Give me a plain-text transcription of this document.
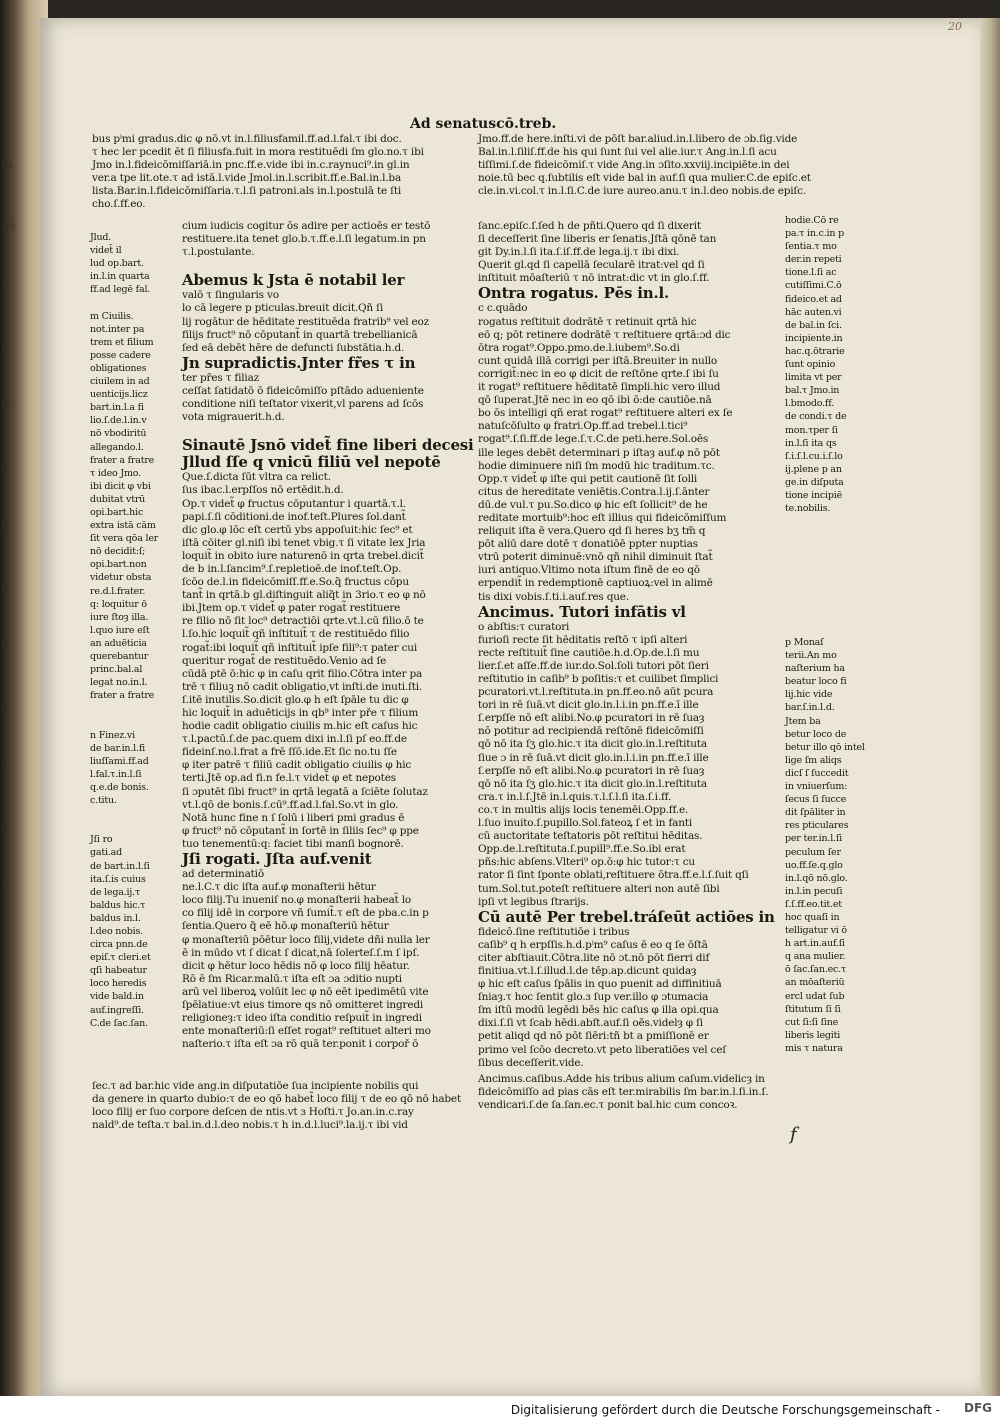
nb
ere
a
ñ
ic
ti
j
p
i
ſ
o
e
d
20
Ad senatuscō.treb.

bus pⁱmi gradus.dic φ nō.vt in.l.filiusfamil.ff.ad.l.fal.τ ibi doc.

τ hec ler pcedit ēt ſi filiusfa.fuit in mora restituēdi ſm glo.no.τ ibi

Jmo in.l.fideicōmiſſariā.in pnc.ff.e.vide ibi in.c.raynuci⁹.in gl.in

ver.a tpe lit.ote.τ ad istā.l.vide Jmol.in.l.scribit.ff.e.Bal.in.l.ba

lista.Bar.in.l.fideicōmiſſaria.τ.l.ſi patroni.als in.l.postulā te ſti

cho.ſ.ff.eo.

Jlud.

videt̃ il

lud op.bart.

in.l.in quarta

ff.ad legē fal.

m Ciuilis.

not.inter pa

trem et filium

posse cadere

obligationes

ciuilem in ad

uenticijs.licz

bart.in.l.a fi

lio.ſ.de.l.in.v

nō vbodiritū

allegando.l.

frater a fratre

τ ideo Jmo.

ibi dicit φ vbi

dubitat vtrū

opi.bart.hic

extra istā cām

ſit vera qōa ler

nō decidit:ſ;

opi.bart.non

videtur obsta

re.d.l.frater.

q: loquitur ō

iure ſtoȝ illa.

l.quo iure eſt

an aduēticia

querebantur

princ.bal.al

legat no.in.l.

frater a fratre

n Finez.vi

de bar.in.l.fi

liuſſami.ff.ad

l.fal.τ.in.l.ſi

q.e.de bonis.

c.titu.

Jſi ro

gati.ad

de bart.in.l.ſi

ita.ſ.is cuius

de lega.ij.τ

baldus hic.τ

baldus in.l.

l.deo nobis.

circa pnn.de

epiſ.τ cleri.et

qſi habeatur

loco heredis

vide bald.in

auf.ingreſſi.

C.de ſac.ſan.

cium iudicis cogitur ōs adire per actioēs er testō

restituere.ita tenet glo.b.τ.ff.e.l.ſi legatum.in pn

τ.l.postulante.

Abemus k Jsta ē notabil ler

valō τ ſingularis vo

lo cā legere p pticulas.breuit dicit.Qñ ſi

lij rogātur de hēditate restituēda fratrib⁹ vel eoz

filijs fruct⁹ nō cōputant̃ in quartā trebellianicā

ſed eā debēt hēre de defuncti ſubstātia.h.d.

Jn supradictis.Jnter fr̃es τ in

ter pr̃es τ filiaz

ceſſat ſatidatō ō fideicōmiſſo pſtādo adueniente

conditione niſi teſtator vixerit,vl parens ad ſcōs

vota migrauerit.h.d.

Sinautē Jsnō videt̃ fine liberi decesi

Jllud ſſe q vnicū filiū vel nepotē

Que.ſ.dicta ſūt vltra ca relict.

ſus ibac.l.erpſſos nō ertēdit.h.d.

Op.τ videt̃ φ fructus cōputantur i quartā.τ.l.

papi.ſ.ſi cōditioni.de inof.teſt.Plures ſol.dant̃

dic glo.φ lōc eſt certū ybs appoſuit:hic ſec⁹ et

iſtā cōiter gl.niſi ibi tenet vbig.τ ſi vitate lex Jria

loquit̃ in obito iure naturenō in qrta trebel.dicit̃

de b in.l.ſancim⁹.ſ.repletioē.de inof.teſt.Op.

ſcōo de.l.in fideicōmiſſ.ff.e.So.q̃ fructus cōpu

tant̃ in qrtā.b gl.diſtinguit aliq̃t in 3rio.τ eo φ nō

ibi.Jtem op.τ videt̃ φ pater rogat̃ restituere

re filio nō ſit loc⁹ detractiōi qrte.vt.l.cū filio.ō te

l.ſo.hic loquit̃ qñ inſtituit̃ τ de restituēdo filio

rogat̃:ibi loquit̃ qñ inſtituit̃ ipſe fili⁹:τ pater cui

queritur rogat̃ de restituēdo.Venio ad ſe

cūdā ptē ō:hic φ in caſu qrit filio.Cōtra inter pa

trē τ filiuꝫ nō cadit obligatio,vt inſti.de inuti.ſti.

ſ.itē inutilis.So.dicit glo.φ h eſt ſpāle tu dic φ

hic loquit̃ in aduēticijs in qb⁹ inter pře τ filium

hodie cadit obligatio ciuilis m.hic eſt caſus hic

τ.l.pactū.ſ.de pac.quem dixi in.l.ſi pſ eo.ff.de

fideinſ.no.l.frat a frē ſſō.ide.Et ſic no.tu ſſe

φ iter patrē τ filiū cadit obligatio ciuilis φ hic

terti.Jtē op.ad fi.n fe.l.τ videt̃ φ et nepotes

ſi ɔputēt ſibi fruct⁹ in qrtā legatā a ſciēte ſolutaz

vt.l.qō de bonis.ſ.cū⁹.ff.ad.l.fal.So.vt in glo.

Notā hunc fine n ſ ſolū i liberi pmi gradus ē

φ fruct⁹ nō cōputant̃ in ſortē in ſiliis ſec⁹ φ ppe

tuo tenementū:q: faciet tibi manſi bognorē.

Jſi rogati. Jſta auf.venit

ad determinatiō

ne.l.C.τ dic iſta auf.φ monaſterii hētur

loco filij.Tu inueniſ no.φ monaſterii habeat̃ lo

co filij idē in corpore vñ ſumit̃.τ eſt de pba.c.in p

ſentia.Quero q̃ eē hō.φ monaſteriū hētur

φ monaſteriū pōētur loco filij,videte dñi nulla ler

ē in mūdo vt ſ dicat ſ dicat,nā ſolerteſ.ſ.m ſ ipſ.

dicit φ hētur loco hēdis nō φ loco filij hēatur.

Rō ē ſm Ricar.malū.τ iſta eſt ɔa ɔditio nupti

arū vel liberoꝝ volūit lec φ nō eēt ipedimētū vite

ſpēlatiue:vt eius timore qs nō omitteret ingredi

religioneȝ:τ ideo iſta conditio reſpuit̃ in ingredi

ente monaſteriū:ſi eſſet rogat⁹ reſtituet alteri mo

naſterio.τ iſta eſt ɔa rō quā ter.ponit i corpoř ō

ſec.τ ad bar.hic vide ang.in diſputatiōe ſua incipiente nobilis qui

da genere in quarto dubio:τ de eo qō habet̃ loco filij τ de eo qō nō habet

loco filij er ſuo corpore deſcen de ntis.vt ɜ Hoſti.τ Jo.an.in.c.ray

nald⁹.de teſta.τ bal.in.d.l.deo nobis.τ h in.d.l.luci⁹.la.ij.τ ibi vid

Jmo.ff.de here.inſti.vi de pōſt bar.aliud.in.l.libero de ɔb.ſig.vide

Bal.in.l.ſiliſ.ff.de his qui ſunt ſui vel alie.iur.τ Ang.in.l.ſi acu

tiſſimi.ſ.de fideicōmiſ.τ vide Ang.in ɔſito.xxviij.incipiēte.in dei

noie.tū bec q.ſubtilis eſt vide bal in auf.ſi qua mulier.C.de epiſc.et

cle.in.vi.col.τ in.l.ſi.C.de iure aureo.anu.τ in.l.deo nobis.de epiſc.

ſanc.epiſc.ſ.ſed h de pñti.Quero qd ſi dixerit

ſi deceſſerit ſine liberis er ſenatis.Jſtā qōnē tan

git Dy.in.l.ſi ita.ſ.iſ.ff.de lega.ij.τ ibi dixi.

Querit gl.qd ſi capellā ſecularē itrat:vel qd ſi

inſtituit mōaſteriū τ nō intrat:dic vt in glo.ſ.ff.

Ontra rogatus. Pēs in.l.

c c.quādo

rogatus reſtituit dodrātē τ retinuit qrtā hic

eō q; pōt retinere dodrātē τ reſtituere qrtā:ɔd dic

ōtra rogat⁹.Oppo.pmo.de.l.iubem⁹.So.di

cunt quidā illā corrigi per iſtā.Breuiter in nullo

corrigit̃:nec in eo φ dicit de reſtōne qrte.ſ ibi ſu

it rogat⁹ reſtituere hēditatē ſimpli.hic vero illud

qō ſuperat.Jtē nec in eo qō ibi ō:de cautiōe.nā

bo ōs intelligi qñ erat rogat⁹ reſtituere alteri ex ſe

natuſcōſulto φ fratri.Op.ff.ad trebel.l.tici⁹

rogat⁹.ſ.ſi.ff.de lege.ſ.τ.C.de peti.here.Sol.oēs

ille leges debēt determinari p iſtaȝ auf.φ nō pōt

hodie diminuere niſi ſm modū hic traditum.τc.

Opp.τ videt̃ φ iſte qui petit cautionē ſit ſolli

citus de hereditate veniētis.Contra.l.ij.ſ.ānter

dū.de vul.τ pu.So.dico φ hic eſt ſollicit⁹ de he

reditate mortuib⁹:hoc eſt illius qui fideicōmiſſum

reliquit iſta ē vera.Quero qd ſi heres bʒ tm̃ q

pōt aliū dare dotē τ donatiōē ppter nuptias

vtrū poterit diminuē:vnō qñ nihil diminuit ſtat̃

iuri antiquo.Vltimo nota iſtum finē de eo qō

erpendit̃ in redemptionē captiuoꝝ:vel in alimē

tis dixi vobis.ſ.ti.i.auf.res que.

Ancimus. Tutori infātis vl

o abſtis:τ curatori

furioſi recte ſit hēditatis reſtō τ ipſi alteri

recte reſtituit̃ ſine cautiōe.h.d.Op.de.l.ſi mu

lier.ſ.et aſſe.ff.de iur.do.Sol.ſoli tutori pōt ſieri

reſtitutio in caſib⁹ b poſitis:τ et cuilibet ſimplici

pcuratori.vt.l.reſtituta.in pn.ff.eo.nō aūt pcura

tori in rē ſuā.vt dicit glo.in.l.i.in pn.ff.e.ī ille

ſ.erpſſe nō eſt alibi.No.φ pcuratori in rē ſuaȝ

nō potitur ad recipiendā reſtōnē fideicōmiſſi

qō nō ita ſʒ glo.hic.τ ita dicit glo.in.l.reſtituta

ſiue ɔ in rē ſuā.vt dicit glo.in.l.i.in pn.ff.e.ī ille

ſ.erpſſe nō eſt alibi.No.φ pcuratori in rē ſuaȝ

qō nō ita ſʒ glo.hic.τ ita dicit glo.in.l.reſtituta

cra.τ in.l.ſ.Jtē in.l.quis.τ.l.ſ.l.ſi ita.ſ.i.ff.

co.τ in multis alijs locis tenemēi.Opp.ff.e.

l.ſuo inuito.ſ.pupillo.Sol.fateoꝝ ſ et in fanti

cū auctoritate teſtatoris pōt reſtitui hēditas.

Opp.de.l.reſtituta.ſ.pupill⁹.ff.e.So.ibi erat

pñs:hic abſens.Vlteri⁹ op.ō:φ hic tutor:τ cu

rator ſi ſint ſponte oblati,reſtituere ōtra.ff.e.l.ſ.ſuit qſi

tum.Sol.tut.poteſt reſtituere alteri non autē ſibi

ipſi vt legibus ſtrarijs.

Cū autē Per trebel.tráſeūt actiōes in

fideicō.ſine reſtitutiōe i tribus

caſib⁹ q h erpſſis.h.d.pⁱm⁹ caſus ē eo q ſe ōſtā

citer abſtiauit.Cōtra.lite nō ɔt.nō pōt fierri dif

finitiua.vt.l.ſ.illud.l.de tēp.ap.dicunt quidaȝ

φ hic eſt caſus ſpālis in quo puenit ad diffinitiuā

ſniaȝ.τ hoc ſentit glo.ɜ ſup ver.illo φ ɔtumacia

ſm iſtū modū legēdi bēs hic caſus φ illa opi.qua

dixi.ſ.ſi vt ſcab hēdi.abſt.auf.ſi oēs.videlȝ φ ſi

petit aliqd qd nō pōt ſiēri:tñ bt a pmiſſionē er

primo vel ſcōo decreto.vt peto liberatiōes vel ceſ

ſibus deceſſerit.vide.

hodie.Cō re

pa.τ in.c.in p

ſentia.τ mo

der.in repeti

tione.l.ſi ac

cutiſſimi.C.ō

fideico.et ad

hāc auten.vi

de bal.in ſci.

incipiente.in

hac.q.ōtrarie

ſunt opinio

limita vt per

bal.τ Jmo.in

l.bmodo.ff.

de condi.τ de

mon.τper ſi

in.l.ſi ita qs

ſ.i.ſ.l.cu.i.ſ.lo

ij.plene p an

ge.in diſputa

tione incipiē

te.nobilis.

p Monaſ

terii.An mo

naſterium ha

beatur loco fi

lij.hic vide

bar.ſ.in.l.d.

Jtem ba

betur loco de

betur illo qō intel

lige ſm aliqs

dicſ ſ ſuccedit

in vniuerſum:

ſecus ſi ſucce

dit ſpāliter in

res pticulares

per ter.in.l.ſi

peculum ſer

uo.ff.ſe.q.glo

in.l.qō nō.glo.

in.l.in pecuſi

ſ.ſ.ff.eo.tit.et

hoc quaſi in

telligatur vi ō

h art.in.auf.ſi

q ana mulier.

ō ſac.ſan.ec.τ

an mōaſteriū

ercl udat ſub

ſtitutum ſi ſi

cut ſi:ſi ſine

liberis legiti

mis τ natura

Ancimus.caſibus.Adde his tribus alium caſum.videlicȝ in

fideicōmiſſo ad pias cās eſt ter.mirabilis ſm bar.in.l.ſi.in.ſ.

vendicari.ſ.de ſa.ſan.ec.τ ponit bal.hic cum concoꝛ.

f
Digitalisierung gefördert durch die Deutsche Forschungsgemeinschaft - DFG
